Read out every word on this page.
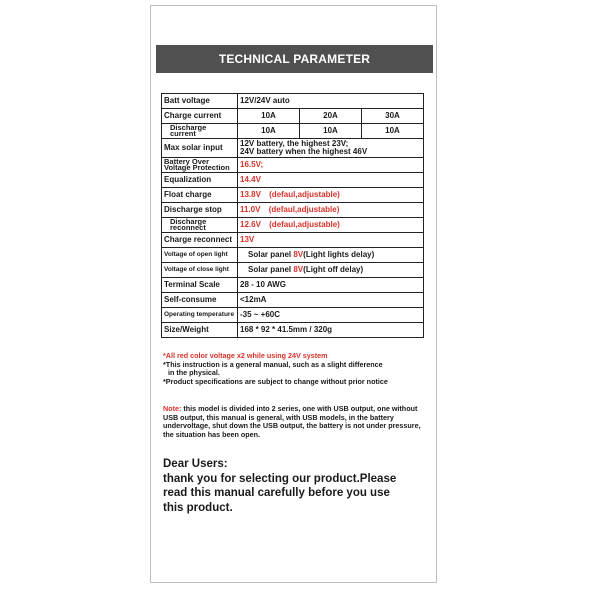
TECHNICAL PARAMETER
Batt voltage	12V/24V auto		
Charge current	10A	20A	30A

Discharge
current	10A	10A	10A
Max solar input	12V battery, the highest 23V;
24V battery when the highest 46V		

Battery Over
Voltage Protection	16.5V;		
Equalization	14.4V		
Float charge	13.8V (defaul,adjustable)		
Discharge stop	11.0V (defaul,adjustable)		

Discharge
reconnect	12.6V (defaul,adjustable)		
Charge reconnect	13V		
Voltage of open light	Solar panel 8V(Light lights delay)		
Voltage of close light	Solar panel 8V(Light off delay)		
Terminal Scale	28 - 10 AWG		
Self-consume	<12mA		
Operating temperature	-35 ~ +60C		
Size/Weight	168 * 92 * 41.5mm / 320g		

*All red color voltage x2 while using 24V system

*This instruction is a general manual, such as a slight difference

in the physical.

*Product specifications are subject to change without prior notice

Note: this model is divided into 2 series, one with USB output, one without USB output, this manual is general, with USB models, in the battery undervoltage, shut down the USB output, the battery is not under pressure, the situation has been open.

Dear Users:

thank you for selecting our product.Please

read this manual carefully before you use

this product.
